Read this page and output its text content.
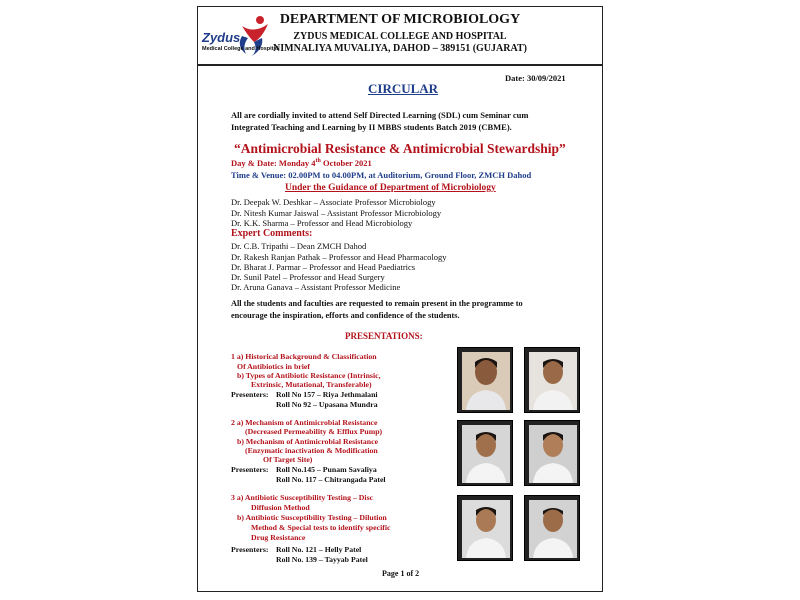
Zydus
Medical College and Hospital
DEPARTMENT OF MICROBIOLOGY
ZYDUS MEDICAL COLLEGE AND HOSPITAL
NIMNALIYA MUVALIYA, DAHOD – 389151 (GUJARAT)
Date: 30/09/2021
CIRCULAR
All are cordially invited to attend Self Directed Learning (SDL) cum Seminar cum
Integrated Teaching and Learning by II MBBS students Batch 2019 (CBME).
“Antimicrobial Resistance & Antimicrobial Stewardship”
Day & Date: Monday 4th October 2021
Time & Venue: 02.00PM to 04.00PM, at Auditorium, Ground Floor, ZMCH Dahod
Under the Guidance of Department of Microbiology
Dr. Deepak W. Deshkar – Associate Professor Microbiology
Dr. Nitesh Kumar Jaiswal – Assistant Professor Microbiology
Dr. K.K. Sharma – Professor and Head Microbiology
Expert Comments:
Dr. C.B. Tripathi – Dean ZMCH Dahod
Dr. Rakesh Ranjan Pathak – Professor and Head Pharmacology
Dr. Bharat J. Parmar – Professor and Head Paediatrics
Dr. Sunil Patel – Professor and Head Surgery
Dr. Aruna Ganava – Assistant Professor Medicine
All the students and faculties are requested to remain present in the programme to
encourage the inspiration, efforts and confidence of the students.
PRESENTATIONS:
1 a) Historical Background & Classification
Of Antibiotics in brief
b) Types of Antibiotic Resistance (Intrinsic,
Extrinsic, Mutational, Transferable)
Presenters: Roll No 157 – Riya Jethmalani
Roll No 92 – Upasana Mundra
2 a) Mechanism of Antimicrobial Resistance
(Decreased Permeability & Efflux Pump)
b) Mechanism of Antimicrobial Resistance
(Enzymatic inactivation & Modification
Of Target Site)
Presenters: Roll No.145 – Punam Savaliya
Roll No. 117 – Chitrangada Patel
3 a) Antibiotic Susceptibility Testing – Disc
Diffusion Method
b) Antibiotic Susceptibility Testing – Dilution
Method & Special tests to identify specific
Drug Resistance
Presenters: Roll No. 121 – Helly Patel
Roll No. 139 – Tayyab Patel
Page 1 of 2
